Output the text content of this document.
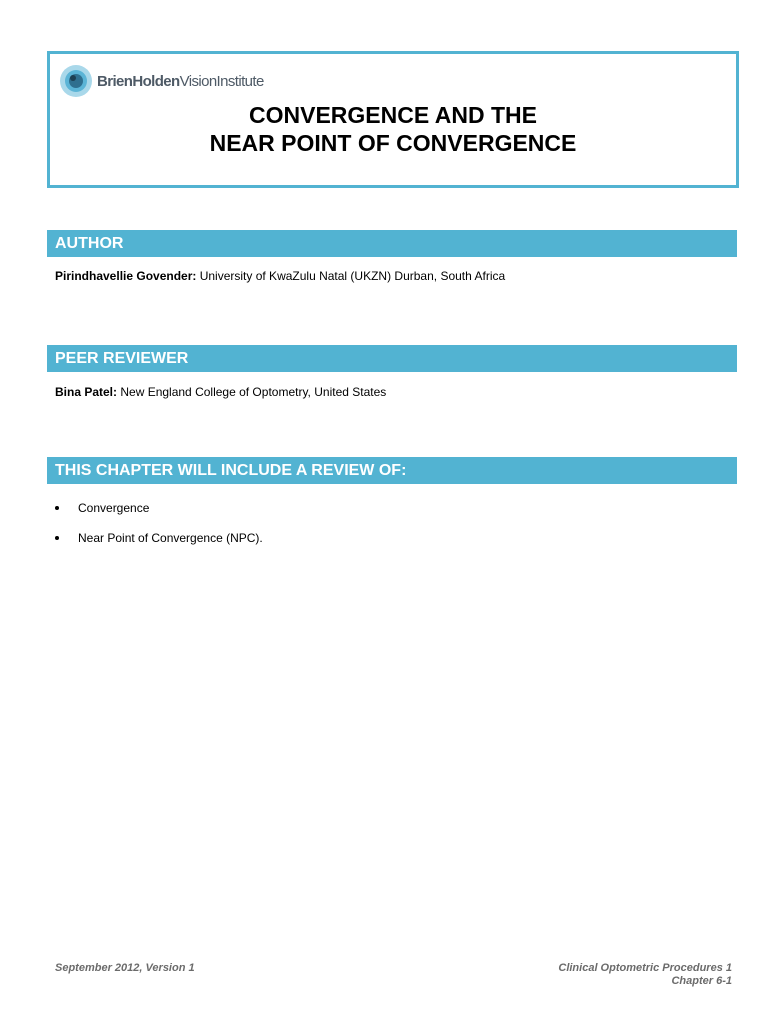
BrienHoldenVisionInstitute
CONVERGENCE AND THE
NEAR POINT OF CONVERGENCE
AUTHOR
Pirindhavellie Govender: University of KwaZulu Natal (UKZN) Durban, South Africa
PEER REVIEWER
Bina Patel: New England College of Optometry, United States
THIS CHAPTER WILL INCLUDE A REVIEW OF:
Convergence
Near Point of Convergence (NPC).
September 2012, Version 1	Clinical Optometric Procedures 1
Chapter 6-1
